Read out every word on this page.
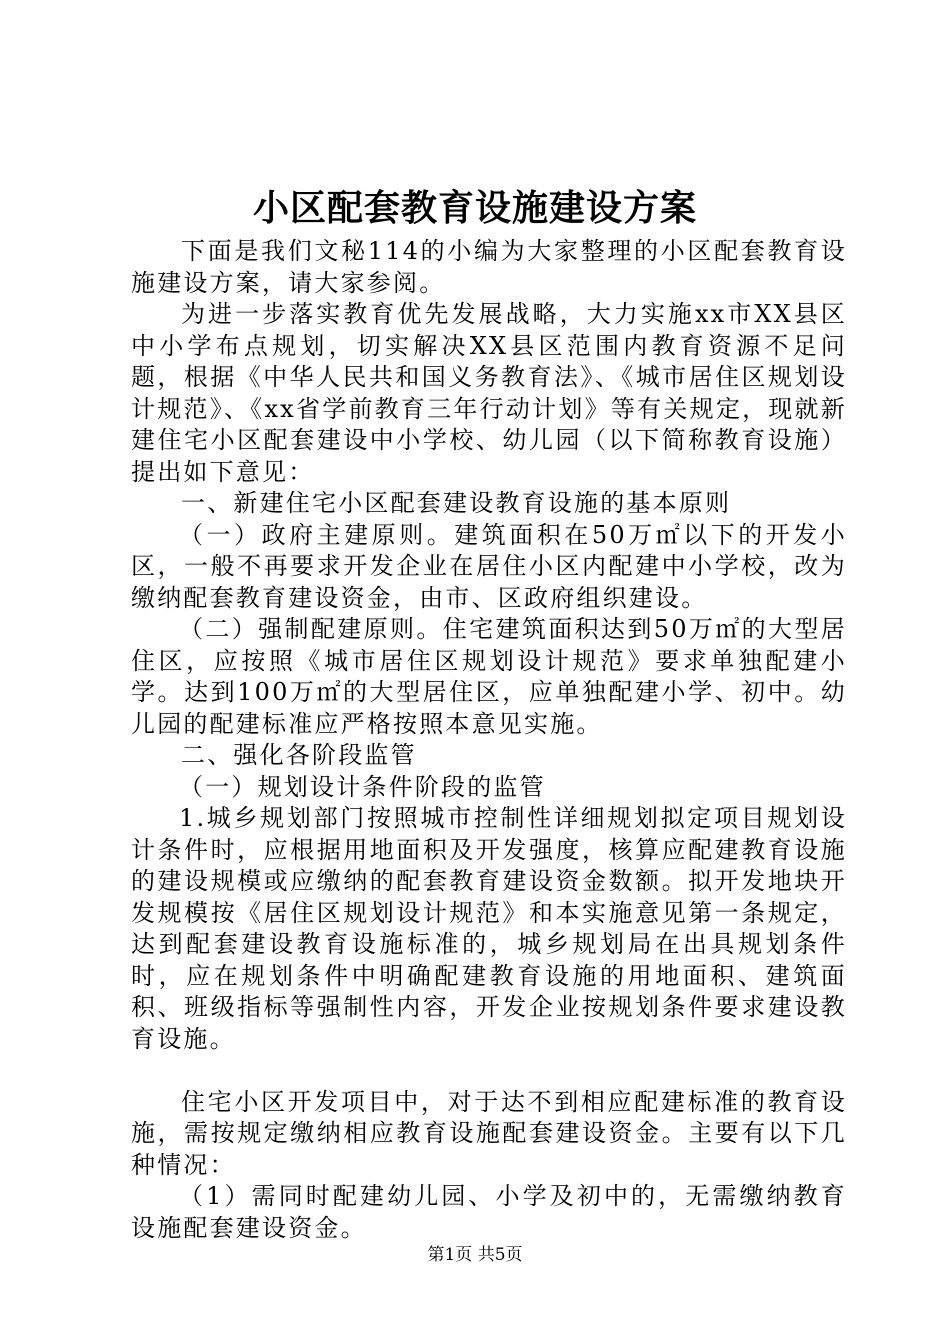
小区配套教育设施建设方案

下面是我们文秘114的小编为大家整理的小区配套教育设施建设方案，请大家参阅。

为进一步落实教育优先发展战略，大力实施xx市XX县区中小学布点规划，切实解决XX县区范围内教育资源不足问题，根据《中华人民共和国义务教育法》、《城市居住区规划设计规范》、《xx省学前教育三年行动计划》等有关规定，现就新建住宅小区配套建设中小学校、幼儿园（以下简称教育设施）提出如下意见：

一、新建住宅小区配套建设教育设施的基本原则

（一）政府主建原则。建筑面积在50万㎡以下的开发小区，一般不再要求开发企业在居住小区内配建中小学校，改为缴纳配套教育建设资金，由市、区政府组织建设。

（二）强制配建原则。住宅建筑面积达到50万㎡的大型居住区，应按照《城市居住区规划设计规范》要求单独配建小学。达到100万㎡的大型居住区，应单独配建小学、初中。幼儿园的配建标准应严格按照本意见实施。

二、强化各阶段监管

（一）规划设计条件阶段的监管

1.城乡规划部门按照城市控制性详细规划拟定项目规划设计条件时，应根据用地面积及开发强度，核算应配建教育设施的建设规模或应缴纳的配套教育建设资金数额。拟开发地块开发规模按《居住区规划设计规范》和本实施意见第一条规定，达到配套建设教育设施标准的，城乡规划局在出具规划条件时，应在规划条件中明确配建教育设施的用地面积、建筑面积、班级指标等强制性内容，开发企业按规划条件要求建设教育设施。

住宅小区开发项目中，对于达不到相应配建标准的教育设施，需按规定缴纳相应教育设施配套建设资金。主要有以下几种情况：

（1）需同时配建幼儿园、小学及初中的，无需缴纳教育设施配套建设资金。

第1页 共5页
